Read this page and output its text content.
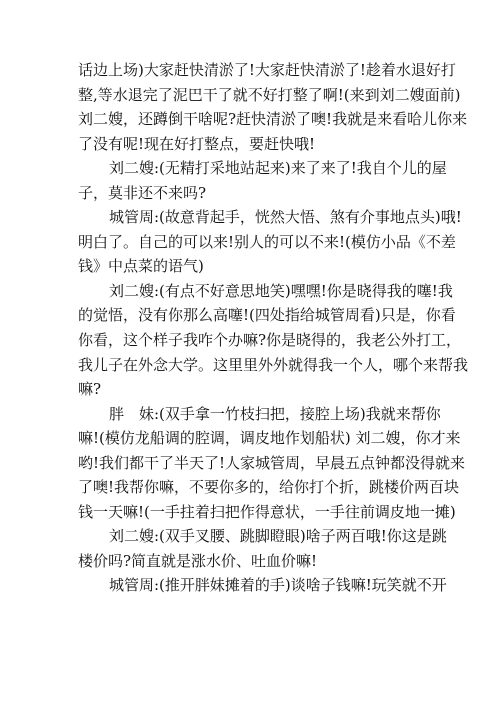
话边上场)大家赶快清淤了!大家赶快清淤了!趁着水退好打
整,等水退完了泥巴干了就不好打整了啊!(来到刘二嫂面前)
刘二嫂，还蹲倒干啥呢?赶快清淤了噢!我就是来看哈儿你来
了没有呢!现在好打整点，要赶快哦!
刘二嫂:(无精打采地站起来)来了来了!我自个儿的屋
子，莫非还不来吗?
城管周:(故意背起手，恍然大悟、煞有介事地点头)哦!
明白了。自己的可以来!别人的可以不来!(模仿小品《不差
钱》中点菜的语气)
刘二嫂:(有点不好意思地笑)嘿嘿!你是晓得我的噻!我
的觉悟，没有你那么高噻!(四处指给城管周看)只是，你看
你看，这个样子我咋个办嘛?你是晓得的，我老公外打工，
我儿子在外念大学。这里里外外就得我一个人，哪个来帮我
嘛?
胖　妹:(双手拿一竹枝扫把，接腔上场)我就来帮你
嘛!(模仿龙船调的腔调，调皮地作划船状) 刘二嫂，你才来
哟!我们都干了半天了!人家城管周，早晨五点钟都没得就来
了噢!我帮你嘛，不要你多的，给你打个折，跳楼价两百块
钱一天嘛!(一手拄着扫把作得意状，一手往前调皮地一摊)
刘二嫂:(双手叉腰、跳脚瞪眼)啥子两百哦!你这是跳
楼价吗?简直就是涨水价、吐血价嘛!
城管周:(推开胖妹摊着的手)谈啥子钱嘛!玩笑就不开
